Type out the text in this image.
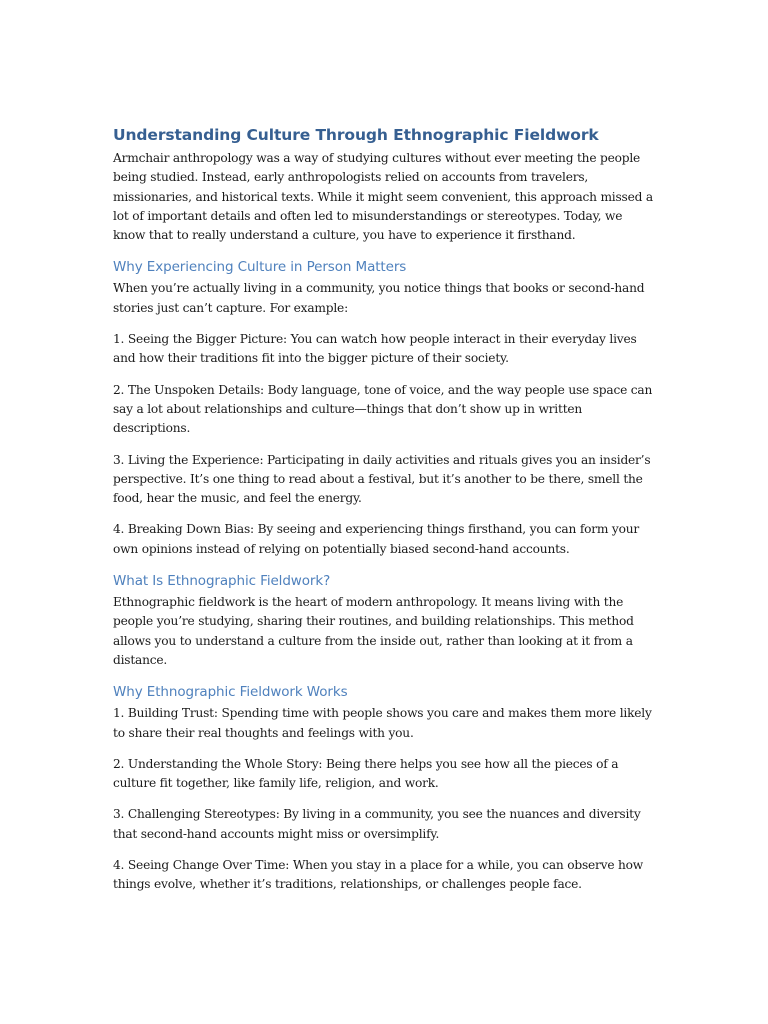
Understanding Culture Through Ethnographic Fieldwork

Armchair anthropology was a way of studying cultures without ever meeting the people being studied. Instead, early anthropologists relied on accounts from travelers, missionaries, and historical texts. While it might seem convenient, this approach missed a lot of important details and often led to misunderstandings or stereotypes. Today, we know that to really understand a culture, you have to experience it firsthand.

Why Experiencing Culture in Person Matters

When you’re actually living in a community, you notice things that books or second-hand stories just can’t capture. For example:

1. Seeing the Bigger Picture: You can watch how people interact in their everyday lives and how their traditions fit into the bigger picture of their society.

2. The Unspoken Details: Body language, tone of voice, and the way people use space can say a lot about relationships and culture—things that don’t show up in written descriptions.

3. Living the Experience: Participating in daily activities and rituals gives you an insider’s perspective. It’s one thing to read about a festival, but it’s another to be there, smell the food, hear the music, and feel the energy.

4. Breaking Down Bias: By seeing and experiencing things firsthand, you can form your own opinions instead of relying on potentially biased second-hand accounts.

What Is Ethnographic Fieldwork?

Ethnographic fieldwork is the heart of modern anthropology. It means living with the people you’re studying, sharing their routines, and building relationships. This method allows you to understand a culture from the inside out, rather than looking at it from a distance.

Why Ethnographic Fieldwork Works

1. Building Trust: Spending time with people shows you care and makes them more likely to share their real thoughts and feelings with you.

2. Understanding the Whole Story: Being there helps you see how all the pieces of a culture fit together, like family life, religion, and work.

3. Challenging Stereotypes: By living in a community, you see the nuances and diversity that second-hand accounts might miss or oversimplify.

4. Seeing Change Over Time: When you stay in a place for a while, you can observe how things evolve, whether it’s traditions, relationships, or challenges people face.
